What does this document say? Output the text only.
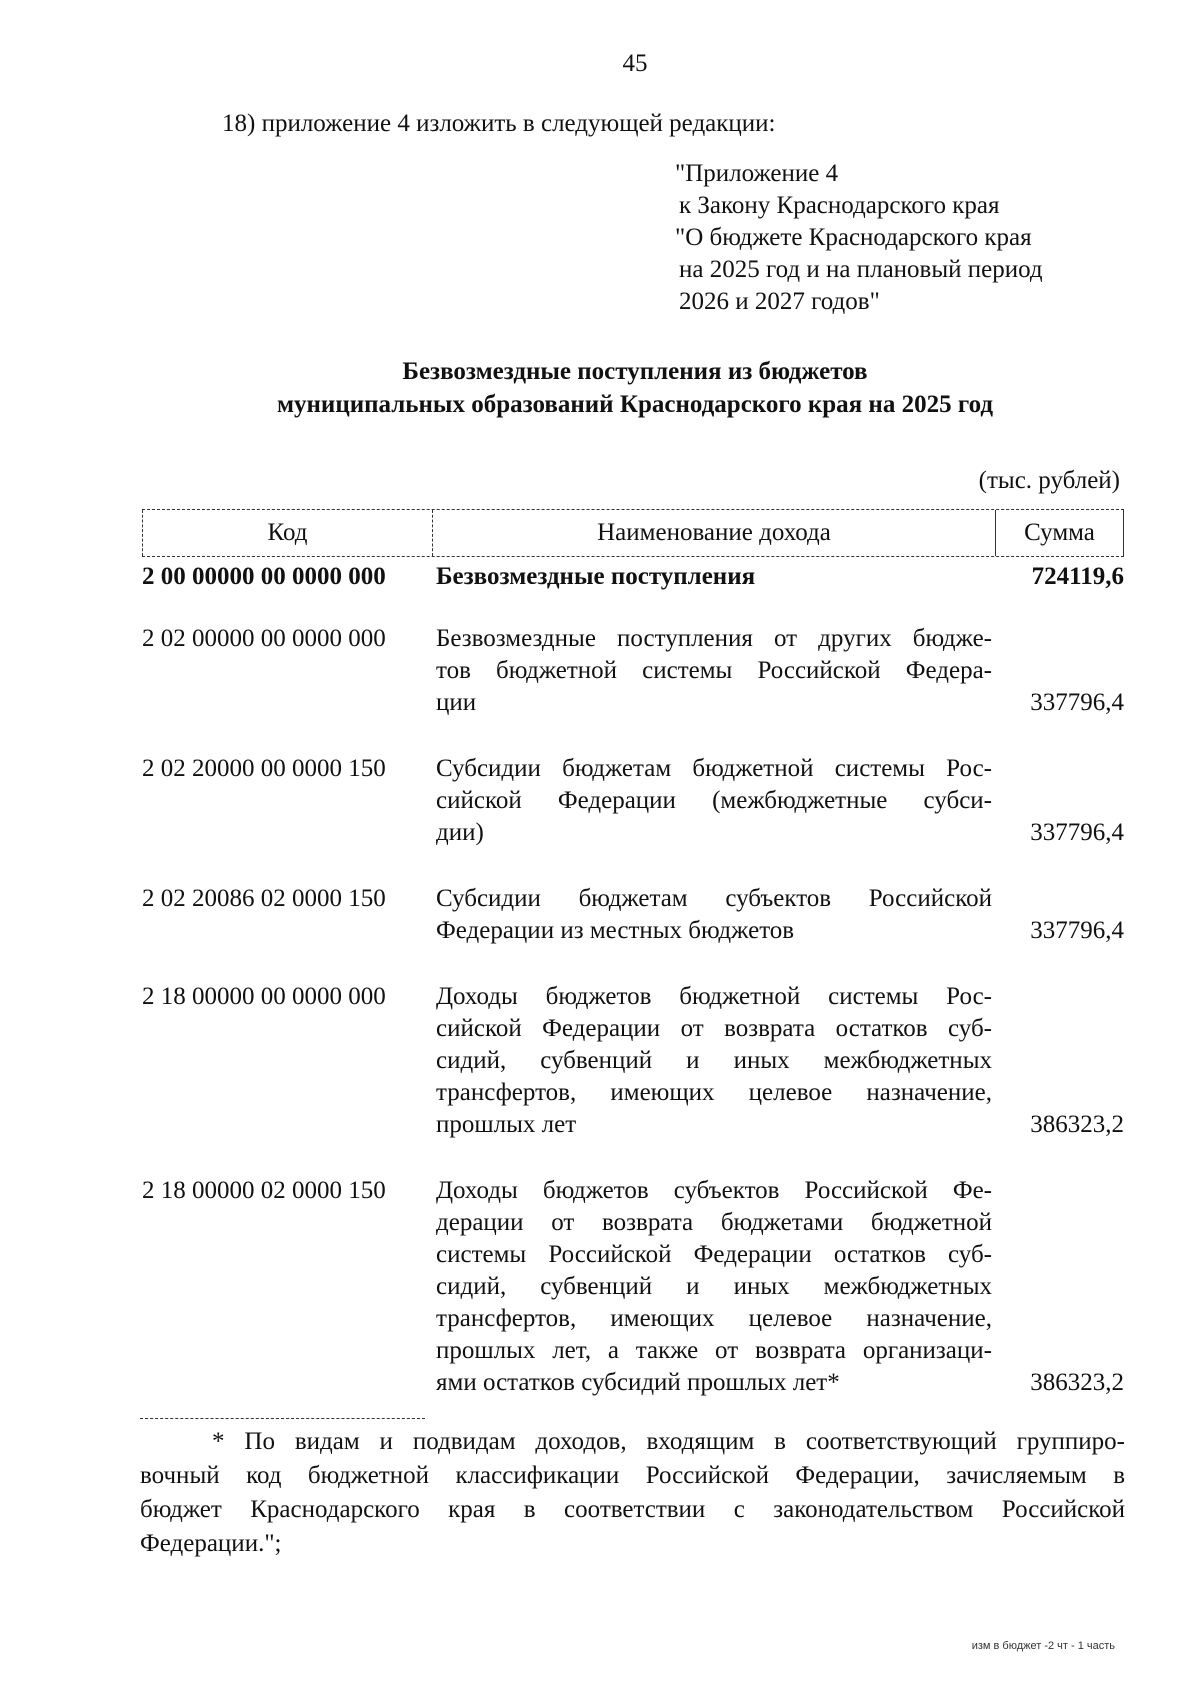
45
18) приложение 4 изложить в следующей редакции:
"Приложение 4
к Закону Краснодарского края
"О бюджете Краснодарского края
на 2025 год и на плановый период
2026 и 2027 годов"
Безвозмездные поступления из бюджетов
муниципальных образований Краснодарского края на 2025 год
(тыс. рублей)
Код	Наименование дохода	Сумма
2 00 00000 00 0000 000	Безвозмездные поступления	724119,6
2 02 00000 00 0000 000	Безвозмездные поступления от других бюдже-
тов бюджетной системы Российской Федера-
ции	337796,4
2 02 20000 00 0000 150	Субсидии бюджетам бюджетной системы Рос-
сийской Федерации (межбюджетные субси-
дии)	337796,4
2 02 20086 02 0000 150	Субсидии бюджетам субъектов Российской
Федерации из местных бюджетов	337796,4
2 18 00000 00 0000 000	Доходы бюджетов бюджетной системы Рос-
сийской Федерации от возврата остатков суб-
сидий, субвенций и иных межбюджетных
трансфертов, имеющих целевое назначение,
прошлых лет	386323,2
2 18 00000 02 0000 150	Доходы бюджетов субъектов Российской Фе-
дерации от возврата бюджетами бюджетной
системы Российской Федерации остатков суб-
сидий, субвенций и иных межбюджетных
трансфертов, имеющих целевое назначение,
прошлых лет, а также от возврата организаци-
ями остатков субсидий прошлых лет*	386323,2
* По видам и подвидам доходов, входящим в соответствующий группиро-
вочный код бюджетной классификации Российской Федерации, зачисляемым в
бюджет Краснодарского края в соответствии с законодательством Российской
Федерации.";
изм в бюджет -2 чт - 1 часть
